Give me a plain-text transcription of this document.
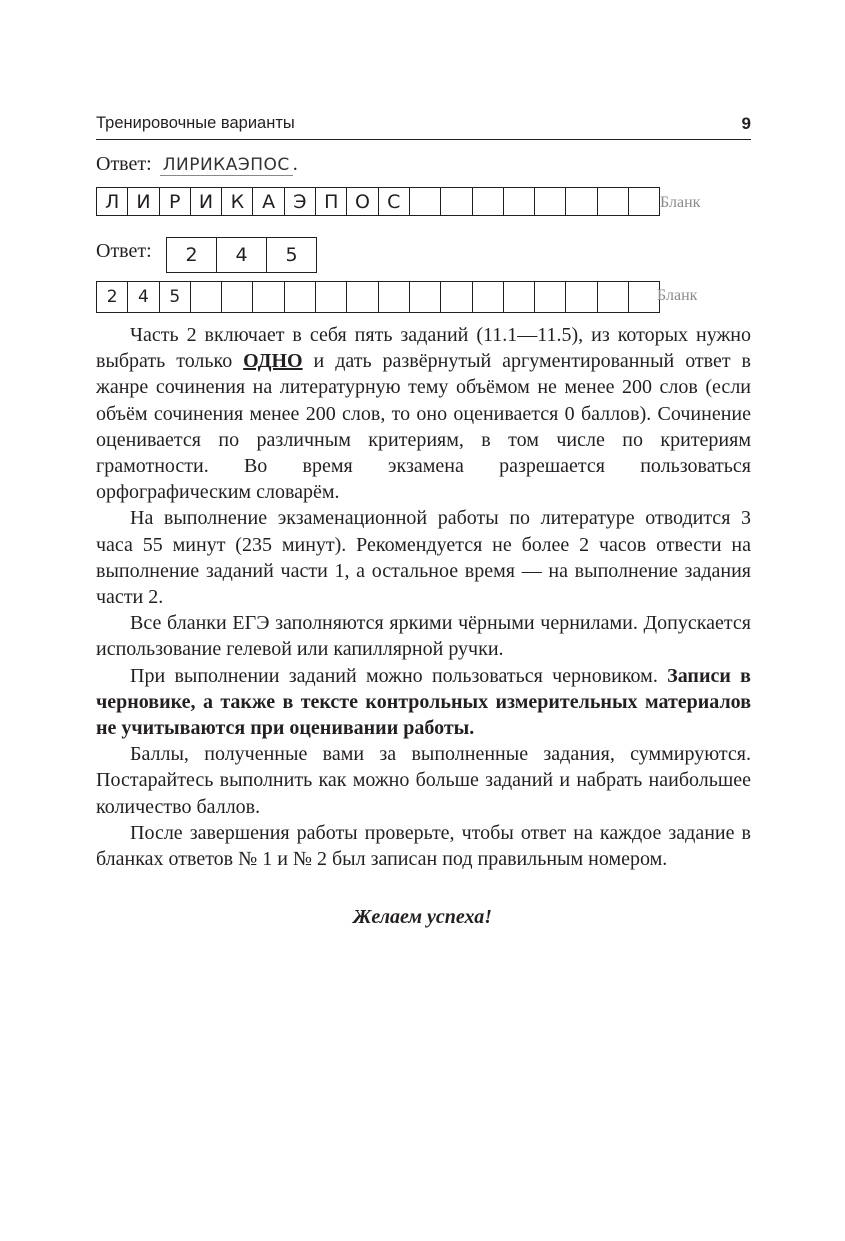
Тренировочные варианты	9
Ответ: ЛИРИКАЭПОС .
Л И Р И К А Э П О С	Бланк
Ответ:	2	4	5
2	4	5	Бланк

Часть 2 включает в себя пять заданий (11.1—11.5), из которых нужно выбрать только ОДНО и дать развёрнутый аргументированный ответ в жанре сочинения на литературную тему объёмом не менее 200 слов (если объём сочинения менее 200 слов, то оно оценивается 0 баллов). Сочинение оценивается по различным критериям, в том числе по критериям грамотности. Во время экзамена разрешается пользоваться орфографическим словарём.

На выполнение экзаменационной работы по литературе отводится 3 часа 55 минут (235 минут). Рекомендуется не более 2 часов отвести на выполнение заданий части 1, а остальное время — на выполнение задания части 2.

Все бланки ЕГЭ заполняются яркими чёрными чернилами. Допускается использование гелевой или капиллярной ручки.

При выполнении заданий можно пользоваться черновиком. Записи в черновике, а также в тексте контрольных измерительных материалов не учитываются при оценивании работы.

Баллы, полученные вами за выполненные задания, суммируются. Постарайтесь выполнить как можно больше заданий и набрать наибольшее количество баллов.

После завершения работы проверьте, чтобы ответ на каждое задание в бланках ответов № 1 и № 2 был записан под правильным номером.

Желаем успеха!
